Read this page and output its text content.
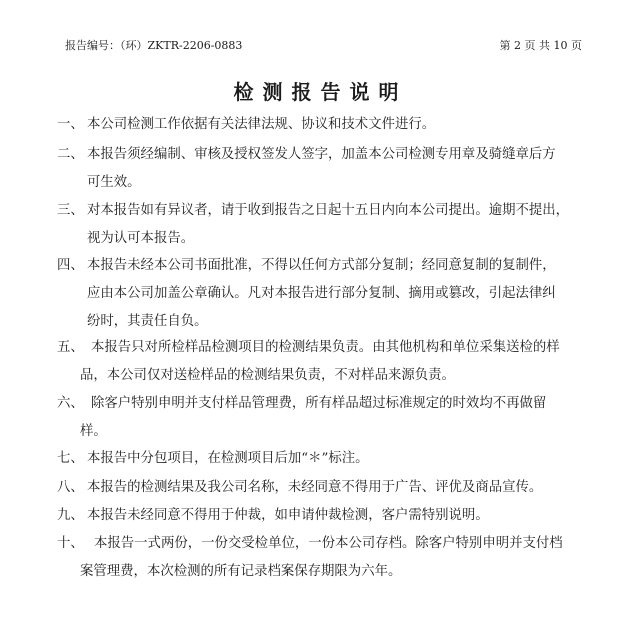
报告编号：（环）ZKTR-2206-0883	第 2 页 共 10 页
检测报告说明
一、 本公司检测工作依据有关法律法规、协议和技术文件进行。
二、 本报告须经编制、审核及授权签发人签字，加盖本公司检测专用章及骑缝章后方
可生效。
三、 对本报告如有异议者，请于收到报告之日起十五日内向本公司提出。逾期不提出，
视为认可本报告。
四、 本报告未经本公司书面批准，不得以任何方式部分复制；经同意复制的复制件，
应由本公司加盖公章确认。凡对本报告进行部分复制、摘用或篡改，引起法律纠
纷时，其责任自负。
五、 本报告只对所检样品检测项目的检测结果负责。由其他机构和单位采集送检的样
品，本公司仅对送检样品的检测结果负责，不对样品来源负责。
六、 除客户特别申明并支付样品管理费，所有样品超过标准规定的时效均不再做留
样。
七、 本报告中分包项目，在检测项目后加“＊”标注。
八、 本报告的检测结果及我公司名称，未经同意不得用于广告、评优及商品宣传。
九、 本报告未经同意不得用于仲裁，如申请仲裁检测，客户需特别说明。
十、 本报告一式两份，一份交受检单位，一份本公司存档。除客户特别申明并支付档
案管理费，本次检测的所有记录档案保存期限为六年。
